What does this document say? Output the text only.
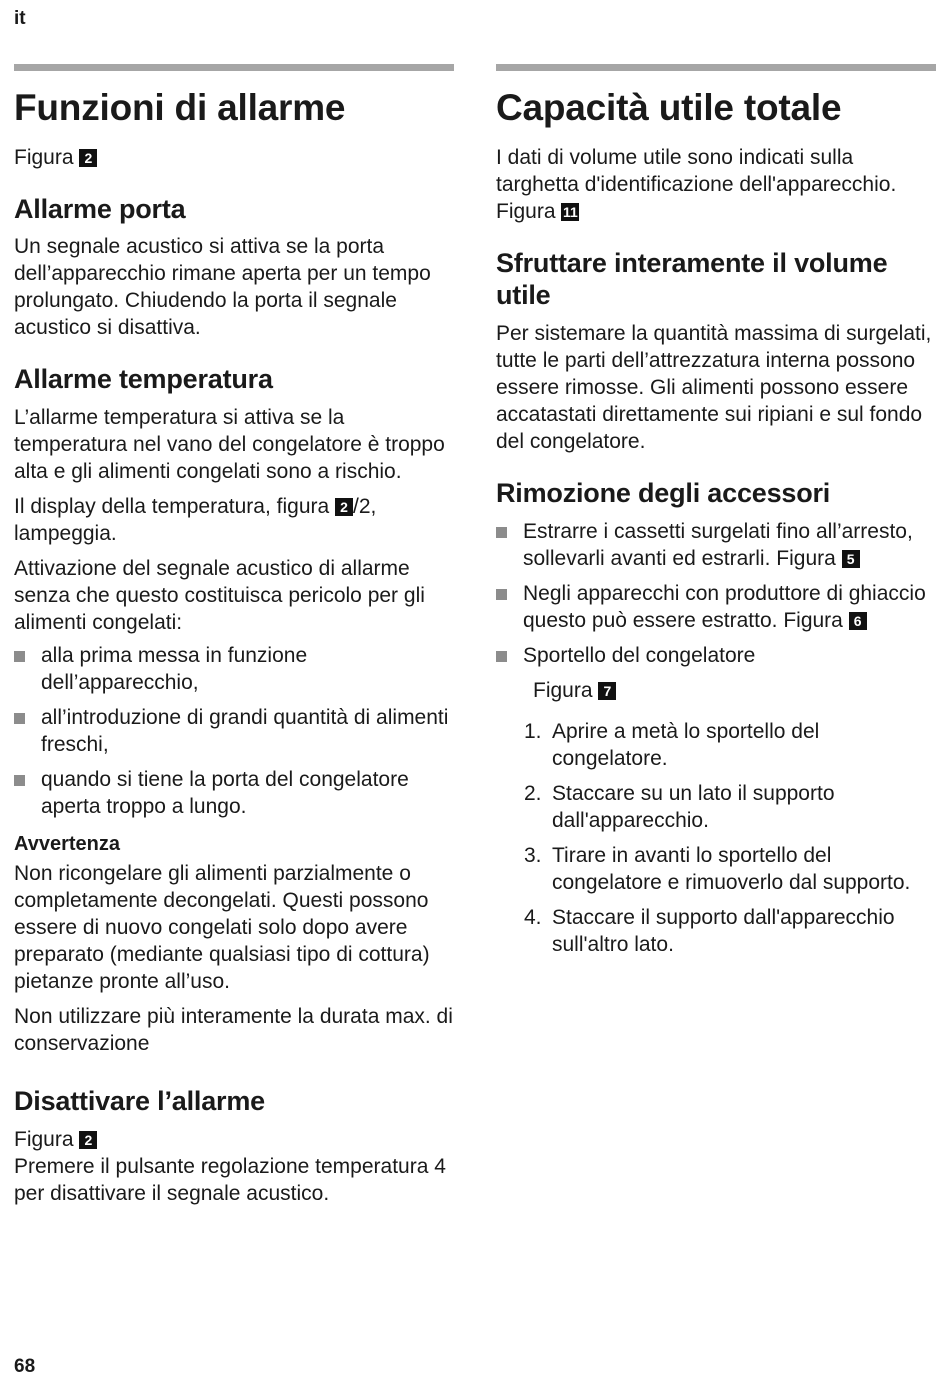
it
Funzioni di allarme
Figura 2
Allarme porta

Un segnale acustico si attiva se la porta dell’apparecchio rimane aperta per un tempo prolungato. Chiudendo la porta il segnale acustico si disattiva.

Allarme temperatura

L’allarme temperatura si attiva se la temperatura nel vano del congelatore è troppo alta e gli alimenti congelati sono a rischio.

Il display della temperatura, figura 2 /2, lampeggia.

Attivazione del segnale acustico di allarme senza che questo costituisca pericolo per gli alimenti congelati:

alla prima messa in funzione dell’apparecchio,
all’introduzione di grandi quantità di alimenti freschi,
quando si tiene la porta del congelatore aperta troppo a lungo.
Avvertenza

Non ricongelare gli alimenti parzialmente o completamente decongelati. Questi possono essere di nuovo congelati solo dopo avere preparato (mediante qualsiasi tipo di cottura) pietanze pronte all’uso.

Non utilizzare più interamente la durata max. di conservazione

Disattivare l’allarme
Figura 2

Premere il pulsante regolazione temperatura 4 per disattivare il segnale acustico.

Capacità utile totale

I dati di volume utile sono indicati sulla targhetta d'identificazione dell'apparecchio. Figura 11

Sfruttare interamente il volume utile

Per sistemare la quantità massima di surgelati, tutte le parti dell’attrezzatura interna possono essere rimosse. Gli alimenti possono essere accatastati direttamente sui ripiani e sul fondo del congelatore.

Rimozione degli accessori
Estrarre i cassetti surgelati fino all’arresto, sollevarli avanti ed estrarli. Figura 5
Negli apparecchi con produttore di ghiaccio questo può essere estratto. Figura 6
Sportello del congelatore
Figura 7
1. Aprire a metà lo sportello del congelatore.
2. Staccare su un lato il supporto dall'apparecchio.
3. Tirare in avanti lo sportello del congelatore e rimuoverlo dal supporto.
4. Staccare il supporto dall'apparecchio sull'altro lato.
68
